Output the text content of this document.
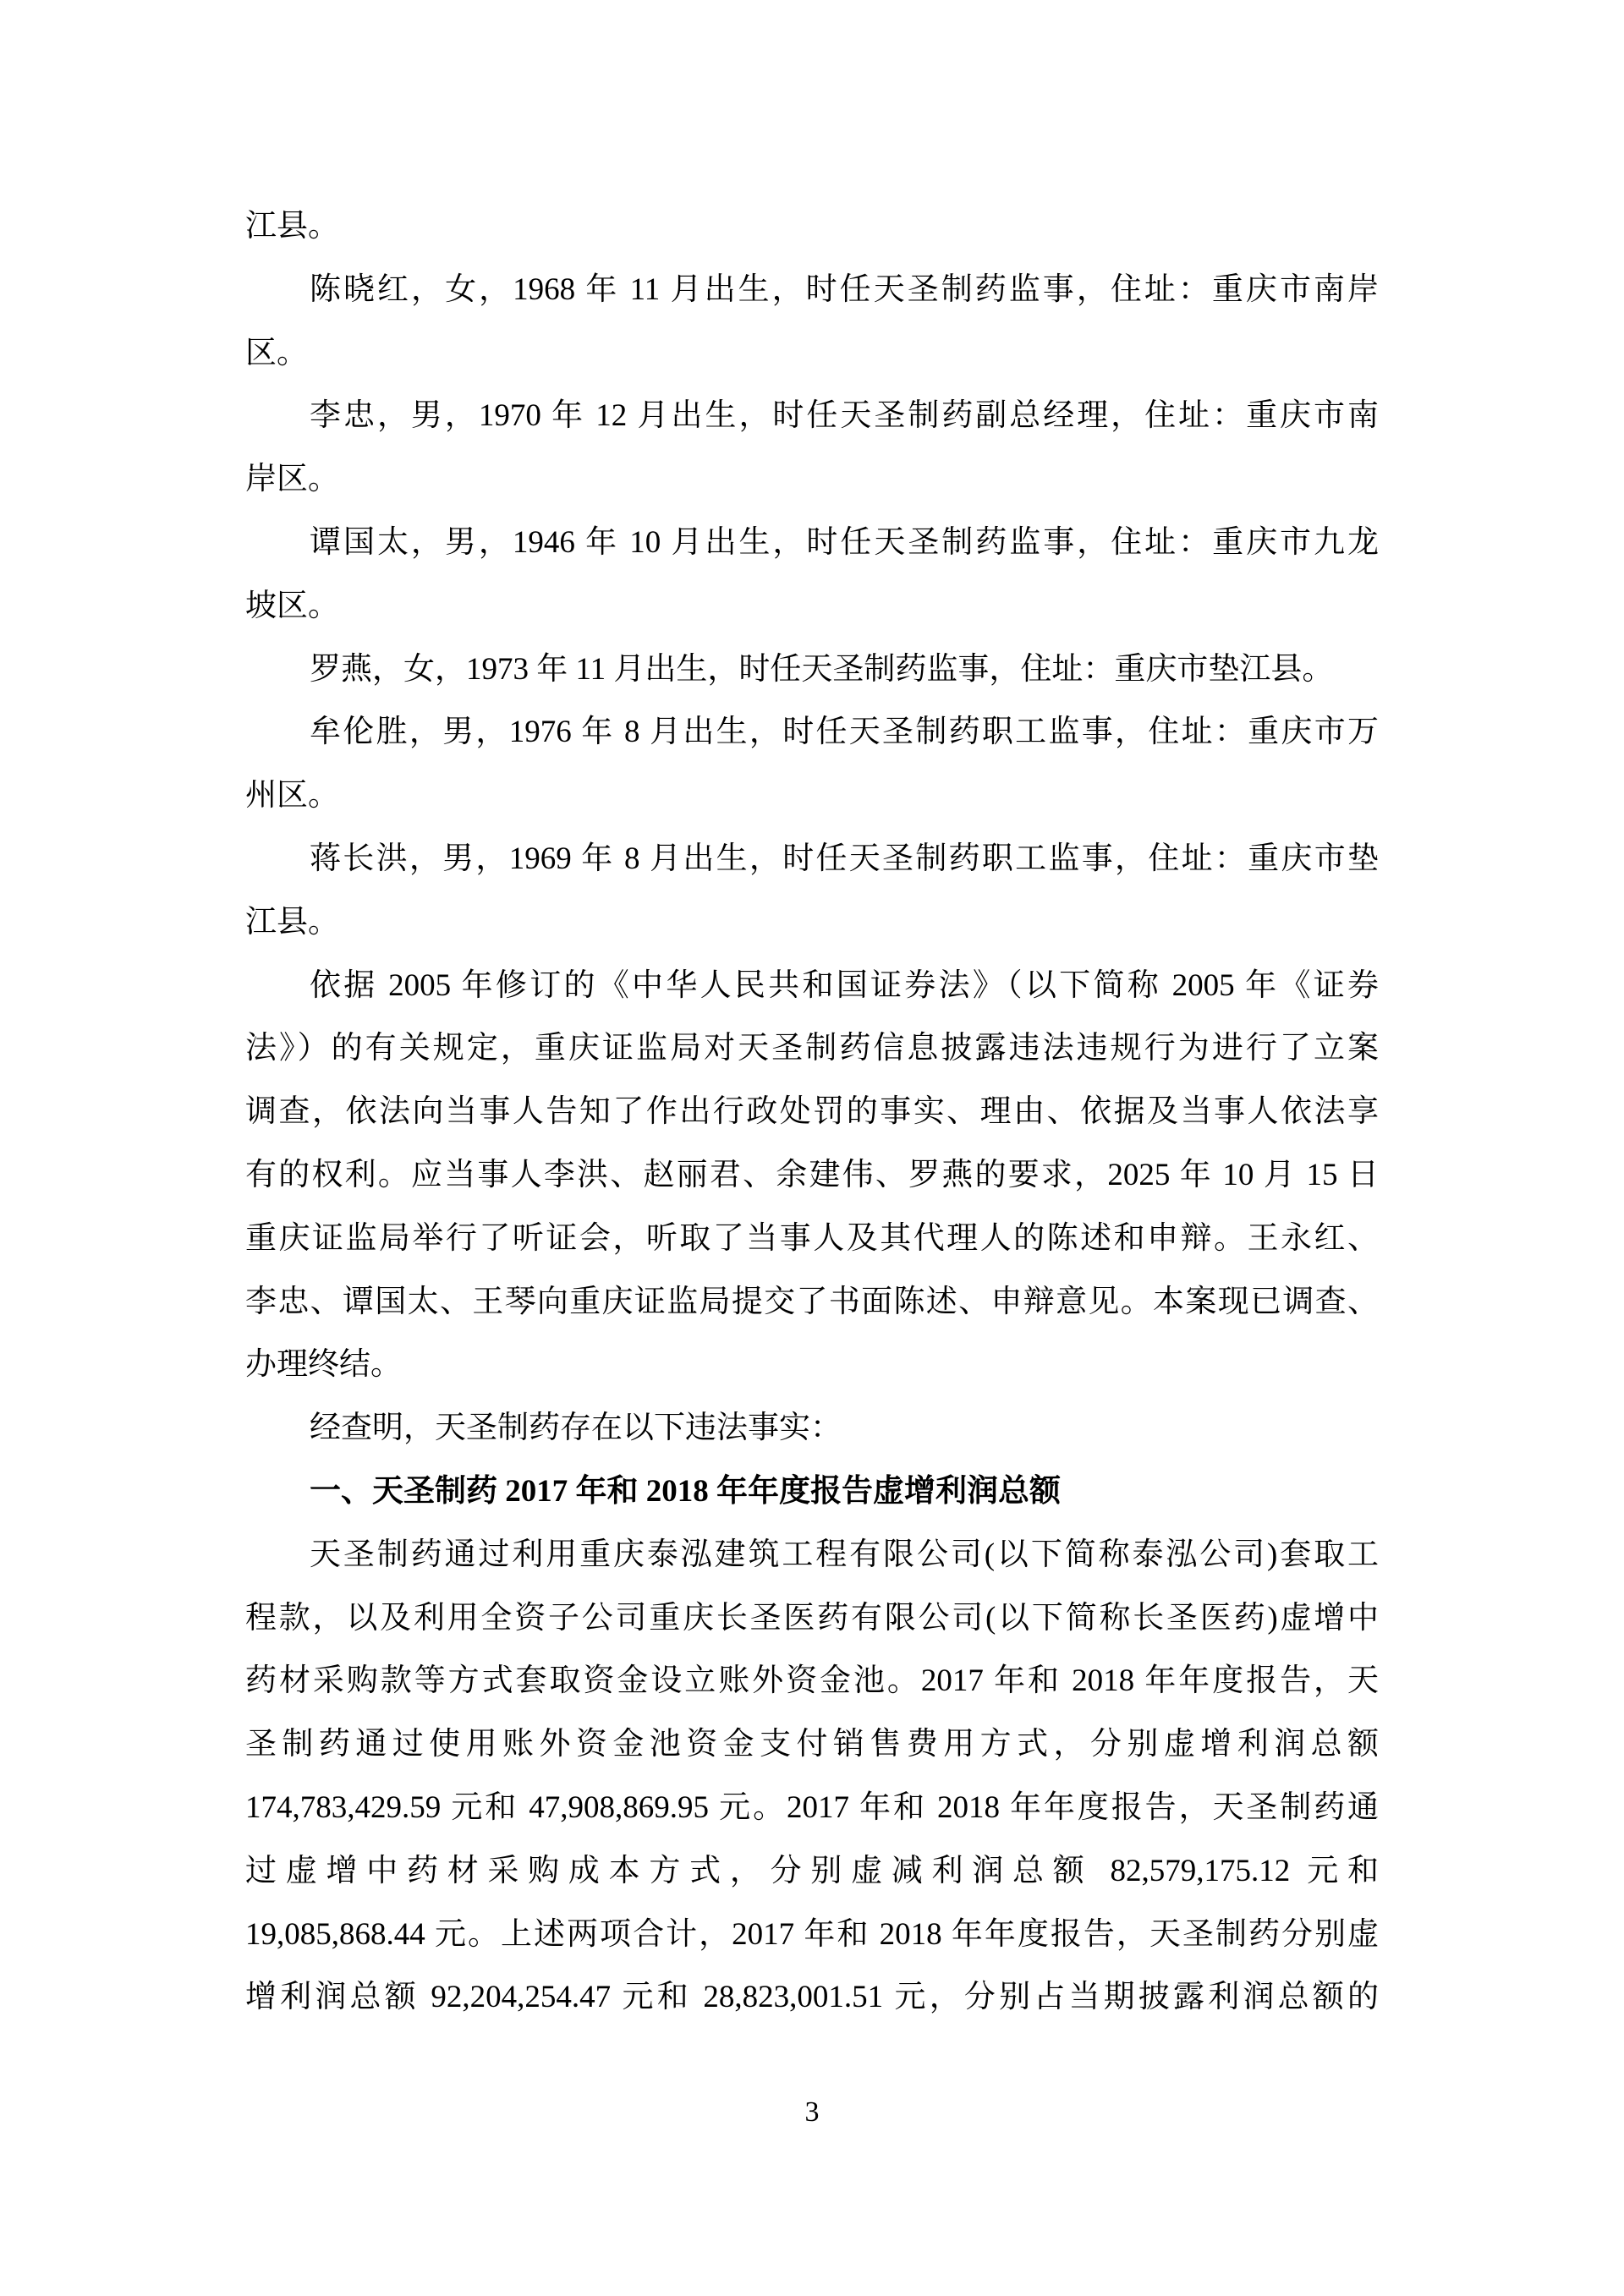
江县。
陈晓红，女，1968 年 11 月出生，时任天圣制药监事，住址：重庆市南岸
区。
李忠，男，1970 年 12 月出生，时任天圣制药副总经理，住址：重庆市南
岸区。
谭国太，男，1946 年 10 月出生，时任天圣制药监事，住址：重庆市九龙
坡区。
罗燕，女，1973 年 11 月出生，时任天圣制药监事，住址：重庆市垫江县。
牟伦胜，男，1976 年 8 月出生，时任天圣制药职工监事，住址：重庆市万
州区。
蒋长洪，男，1969 年 8 月出生，时任天圣制药职工监事，住址：重庆市垫
江县。
依据 2005 年修订的《中华人民共和国证券法》（以下简称 2005 年《证券
法》）的有关规定，重庆证监局对天圣制药信息披露违法违规行为进行了立案
调查，依法向当事人告知了作出行政处罚的事实、理由、依据及当事人依法享
有的权利。应当事人李洪、赵丽君、余建伟、罗燕的要求，2025 年 10 月 15 日
重庆证监局举行了听证会，听取了当事人及其代理人的陈述和申辩。王永红、
李忠、谭国太、王琴向重庆证监局提交了书面陈述、申辩意见。本案现已调查、
办理终结。
经查明，天圣制药存在以下违法事实：
一、天圣制药 2017 年和 2018 年年度报告虚增利润总额
天圣制药通过利用重庆泰泓建筑工程有限公司(以下简称泰泓公司)套取工
程款，以及利用全资子公司重庆长圣医药有限公司(以下简称长圣医药)虚增中
药材采购款等方式套取资金设立账外资金池。2017 年和 2018 年年度报告，天
圣制药通过使用账外资金池资金支付销售费用方式，分别虚增利润总额
174,783,429.59 元和 47,908,869.95 元。2017 年和 2018 年年度报告，天圣制药通
过虚增中药材采购成本方式，分别虚减利润总额 82,579,175.12 元和
19,085,868.44 元。上述两项合计，2017 年和 2018 年年度报告，天圣制药分别虚
增利润总额 92,204,254.47 元和 28,823,001.51 元，分别占当期披露利润总额的
3
